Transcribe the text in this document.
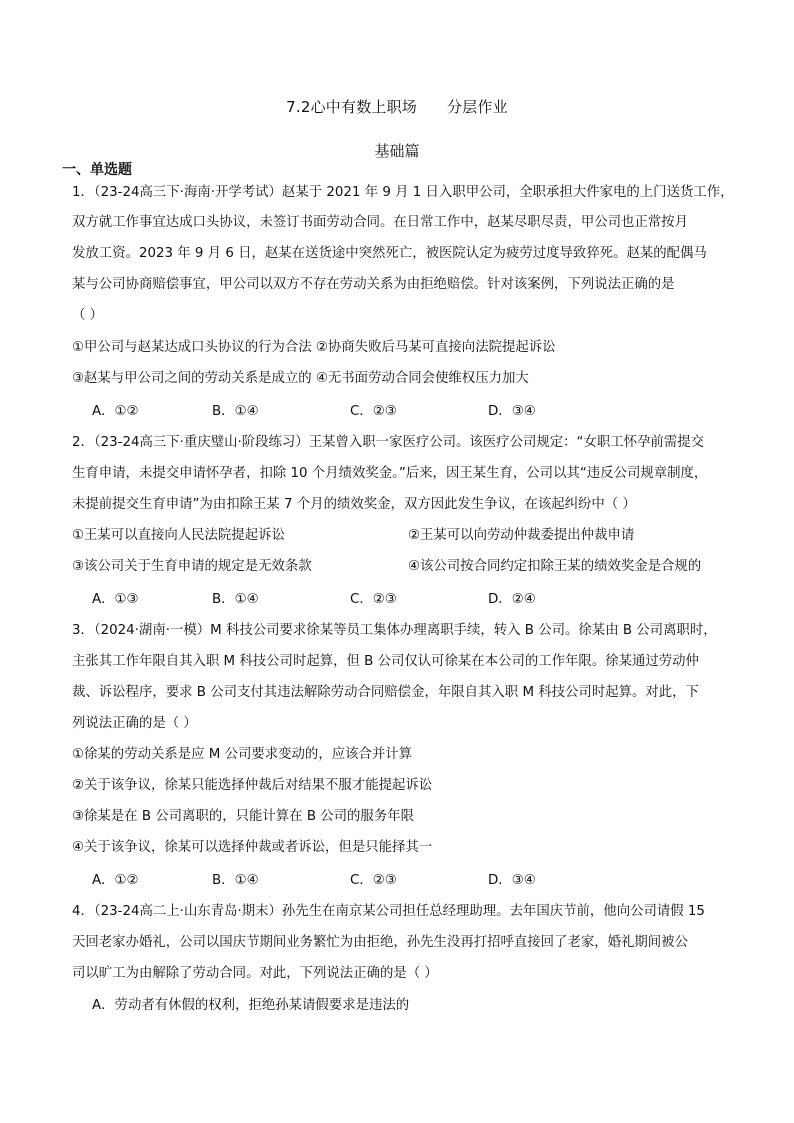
7.2心中有数上职场 分层作业
基础篇
一、单选题
1．（23-24高三下·海南·开学考试）赵某于 2021 年 9 月 1 日入职甲公司，全职承担大件家电的上门送货工作，
双方就工作事宜达成口头协议，未签订书面劳动合同。在日常工作中，赵某尽职尽责，甲公司也正常按月
发放工资。2023 年 9 月 6 日，赵某在送货途中突然死亡，被医院认定为疲劳过度导致猝死。赵某的配偶马
某与公司协商赔偿事宜，甲公司以双方不存在劳动关系为由拒绝赔偿。针对该案例，下列说法正确的是
（ ）
①甲公司与赵某达成口头协议的行为合法 ②协商失败后马某可直接向法院提起诉讼
③赵某与甲公司之间的劳动关系是成立的 ④无书面劳动合同会使维权压力加大
A．①②	B．①④	C．②③	D．③④
2．（23-24高三下·重庆璧山·阶段练习）王某曾入职一家医疗公司。该医疗公司规定：“女职工怀孕前需提交
生育申请，未提交申请怀孕者，扣除 10 个月绩效奖金。”后来，因王某生育，公司以其“违反公司规章制度，
未提前提交生育申请”为由扣除王某 7 个月的绩效奖金，双方因此发生争议，在该起纠纷中（ ）
①王某可以直接向人民法院提起诉讼	②王某可以向劳动仲裁委提出仲裁申请
③该公司关于生育申请的规定是无效条款	④该公司按合同约定扣除王某的绩效奖金是合规的
A．①③	B．①④	C．②③	D．②④
3．（2024·湖南·一模）M 科技公司要求徐某等员工集体办理离职手续，转入 B 公司。徐某由 B 公司离职时，
主张其工作年限自其入职 M 科技公司时起算，但 B 公司仅认可徐某在本公司的工作年限。徐某通过劳动仲
裁、诉讼程序，要求 B 公司支付其违法解除劳动合同赔偿金，年限自其入职 M 科技公司时起算。对此，下
列说法正确的是（ ）
①徐某的劳动关系是应 M 公司要求变动的，应该合并计算
②关于该争议，徐某只能选择仲裁后对结果不服才能提起诉讼
③徐某是在 B 公司离职的，只能计算在 B 公司的服务年限
④关于该争议，徐某可以选择仲裁或者诉讼，但是只能择其一
A．①②	B．①④	C．②③	D．③④
4．（23-24高二上·山东青岛·期末）孙先生在南京某公司担任总经理助理。去年国庆节前，他向公司请假 15
天回老家办婚礼，公司以国庆节期间业务繁忙为由拒绝，孙先生没再打招呼直接回了老家，婚礼期间被公
司以旷工为由解除了劳动合同。对此，下列说法正确的是（ ）
A．劳动者有休假的权利，拒绝孙某请假要求是违法的
